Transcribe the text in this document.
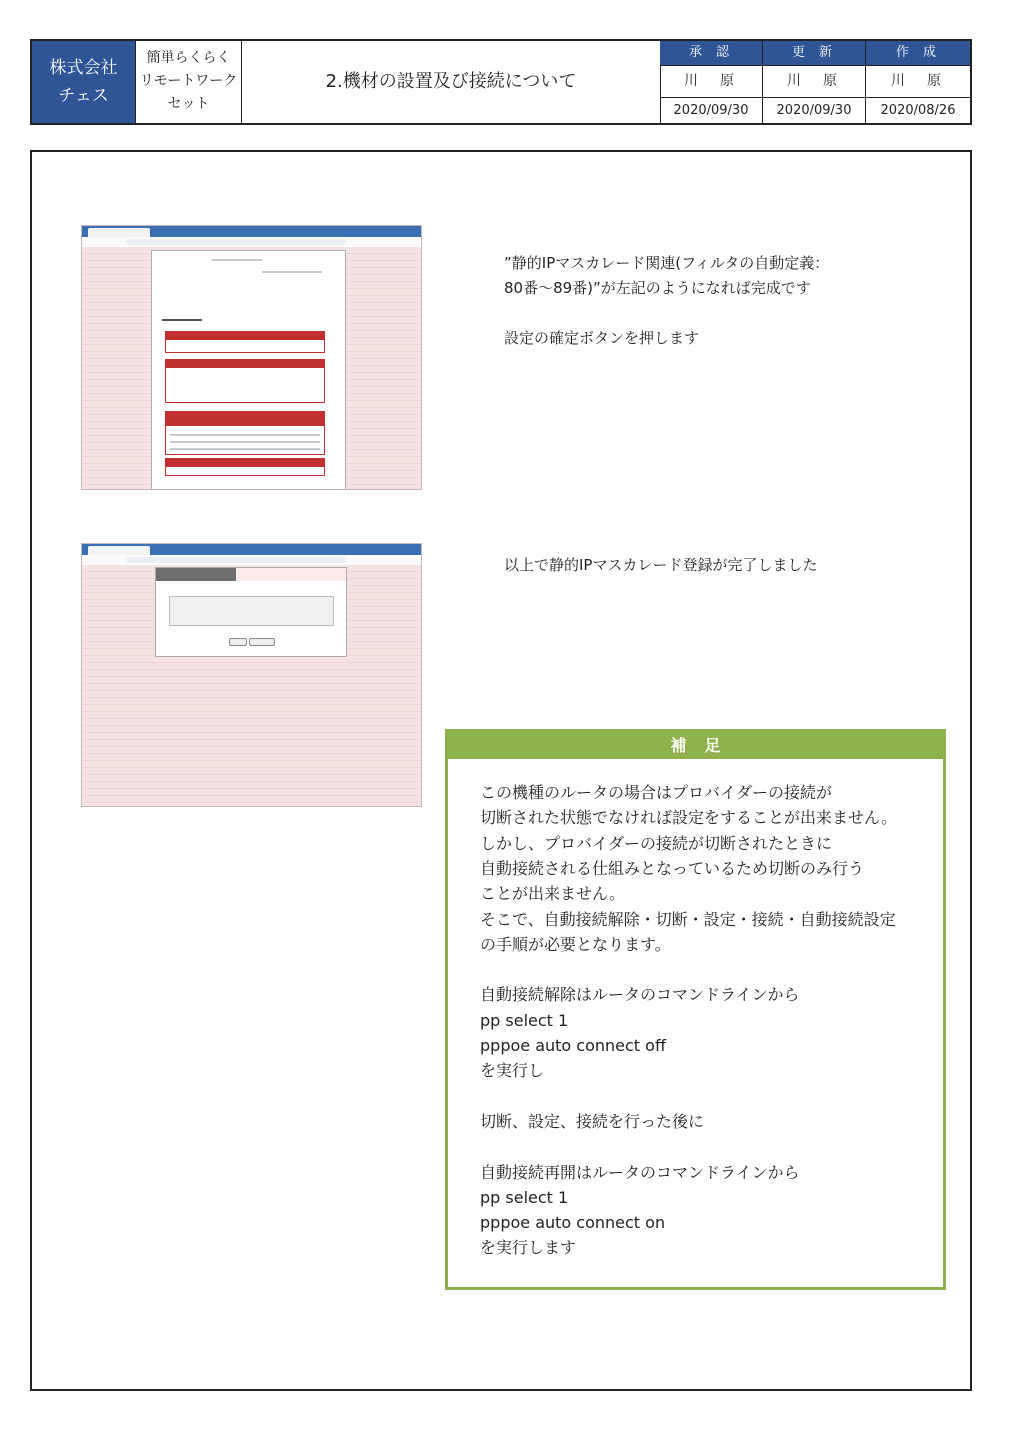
株式会社
チェス
簡単らくらく
リモートワーク
セット
2.機材の設置及び接続について
承認
川原
2020/09/30
更新
川原
2020/09/30
作成
川原
2020/08/26
”静的IPマスカレード関連(フィルタの自動定義：
80番～89番)”が左記のようになれば完成です
設定の確定ボタンを押します
以上で静的IPマスカレード登録が完了しました
補足
この機種のルータの場合はプロバイダーの接続が
切断された状態でなければ設定をすることが出来ません。
しかし、プロバイダーの接続が切断されたときに
自動接続される仕組みとなっているため切断のみ行う
ことが出来ません。
そこで、自動接続解除・切断・設定・接続・自動接続設定
の手順が必要となります。
自動接続解除はルータのコマンドラインから
pp select 1
pppoe auto connect off
を実行し
切断、設定、接続を行った後に
自動接続再開はルータのコマンドラインから
pp select 1
pppoe auto connect on
を実行します
